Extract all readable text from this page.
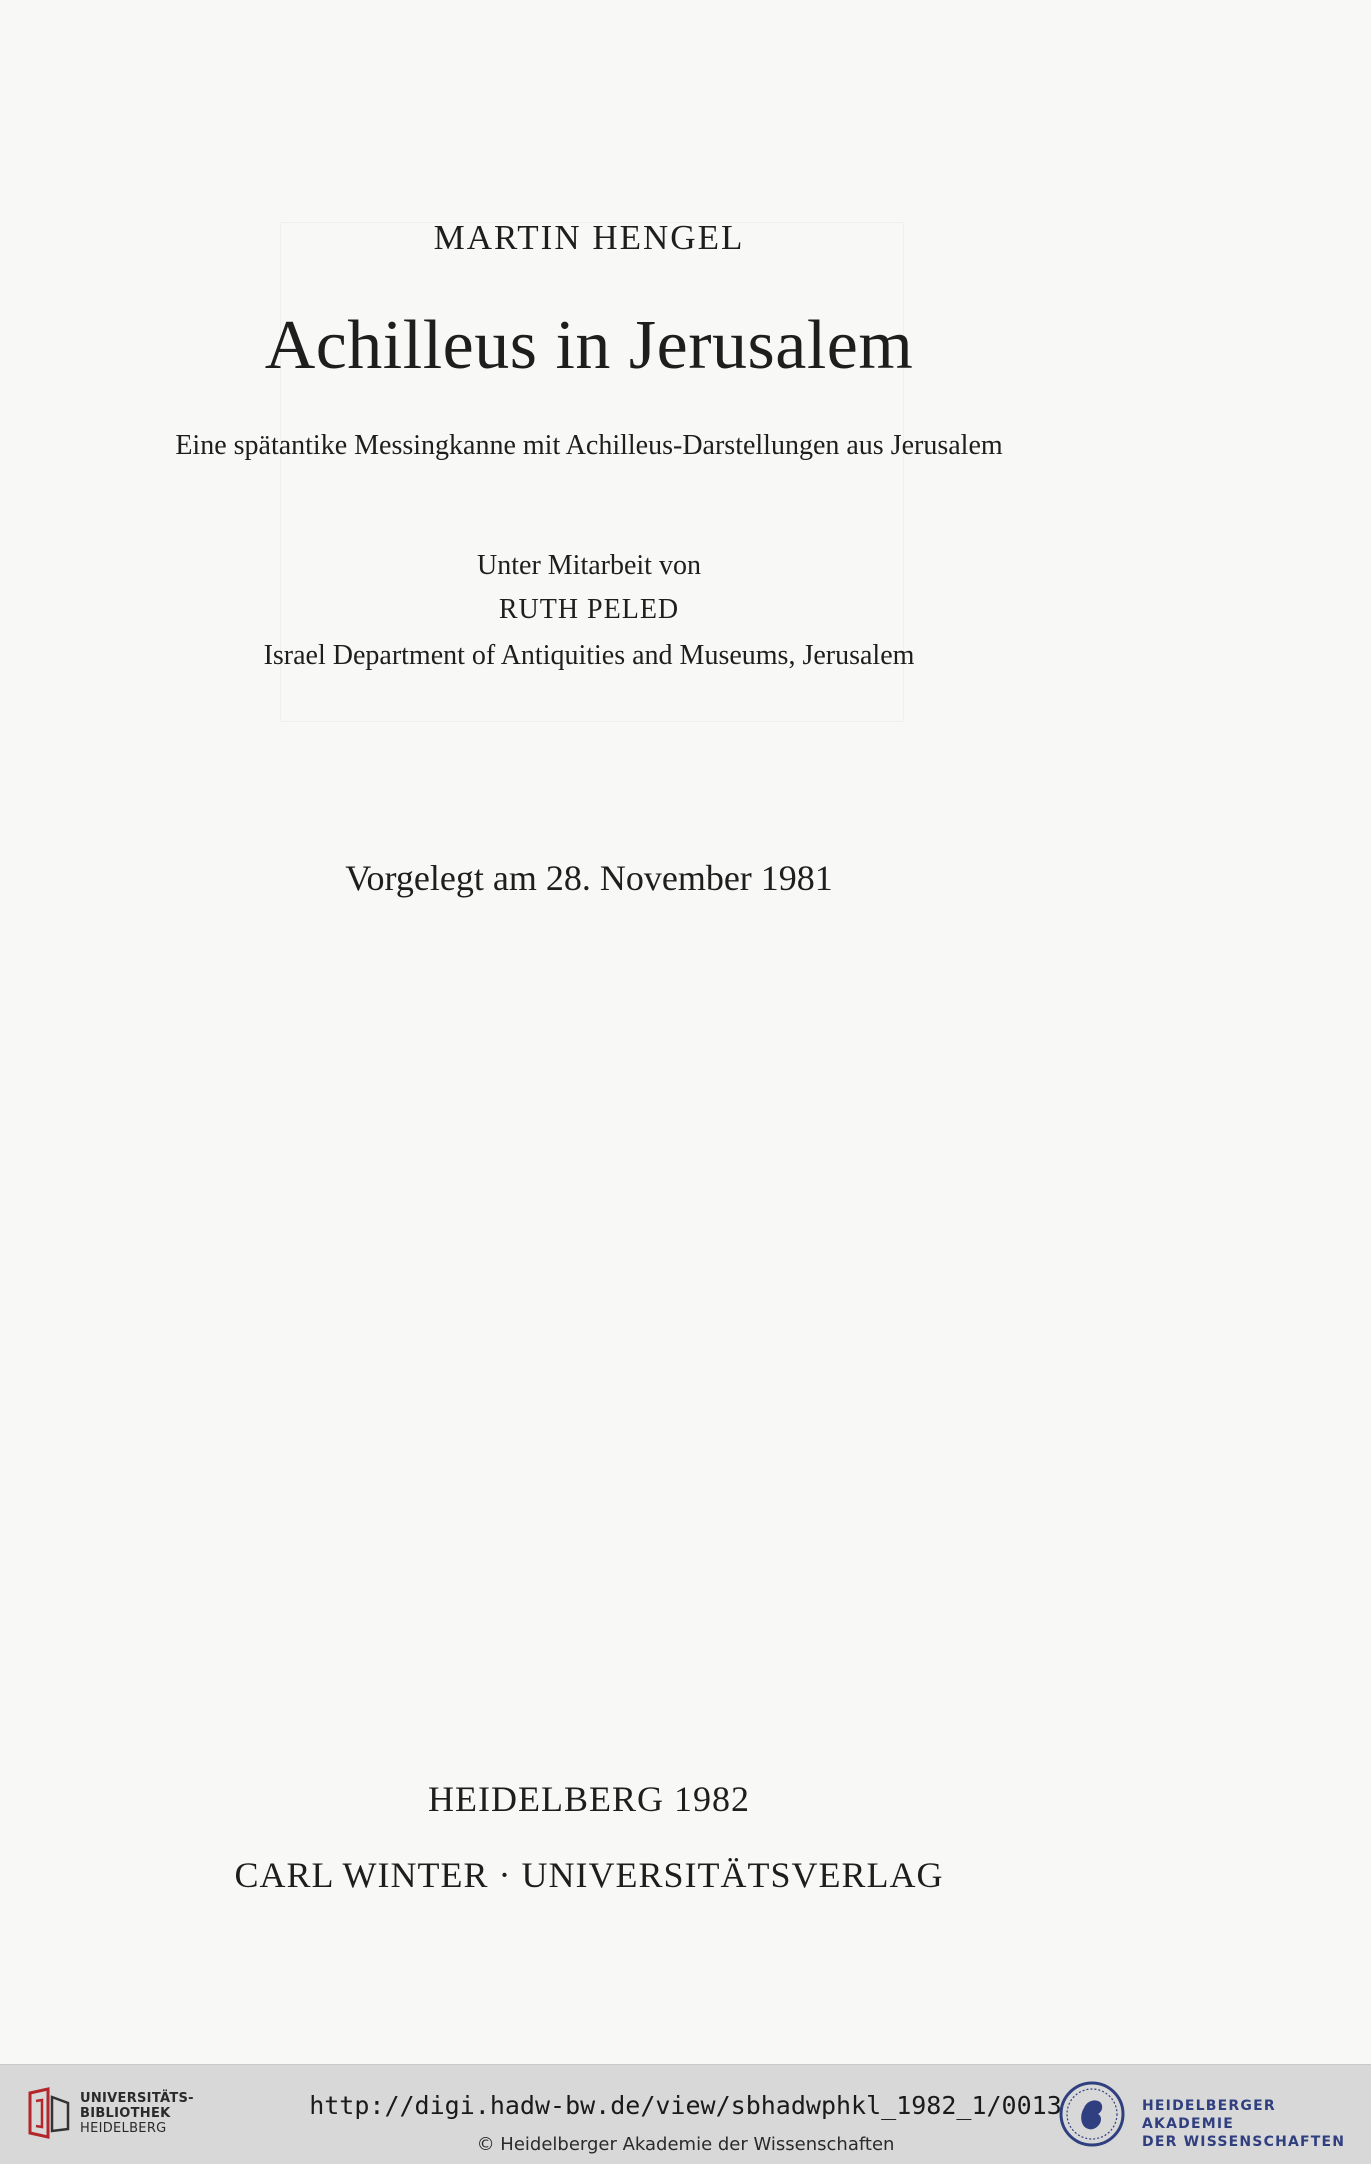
MARTIN HENGEL
Achilleus in Jerusalem
Eine spätantike Messingkanne mit Achilleus-Darstellungen aus Jerusalem
Unter Mitarbeit von
RUTH PELED
Israel Department of Antiquities and Museums, Jerusalem
Vorgelegt am 28. November 1981
HEIDELBERG 1982
CARL WINTER · UNIVERSITÄTSVERLAG
UNIVERSITÄTS-
BIBLIOTHEK
HEIDELBERG
http://digi.hadw-bw.de/view/sbhadwphkl_1982_1/0013
© Heidelberger Akademie der Wissenschaften
HEIDELBERGER AKADEMIE
DER WISSENSCHAFTEN
